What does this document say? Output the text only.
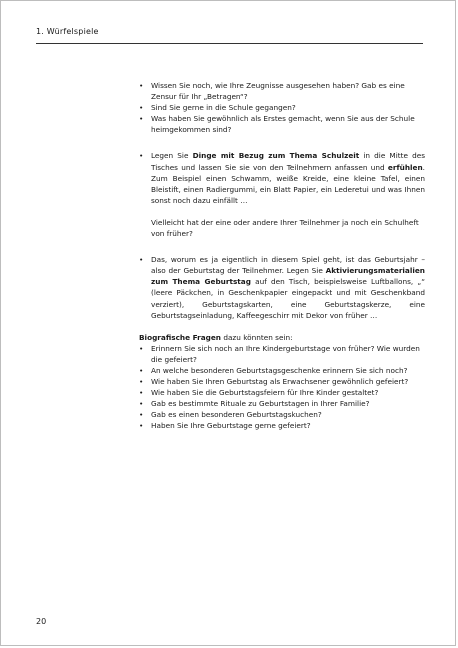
1. Würfelspiele
• Wissen Sie noch, wie Ihre Zeugnisse ausgesehen haben? Gab es eine Zensur für Ihr „Betragen“?
• Sind Sie gerne in die Schule gegangen?
• Was haben Sie gewöhnlich als Erstes gemacht, wenn Sie aus der Schule heimgekommen sind?
• Legen Sie Dinge mit Bezug zum Thema Schulzeit in die Mitte des Tisches und lassen Sie sie von den Teilnehmern anfassen und erfühlen. Zum Beispiel einen Schwamm, weiße Kreide, eine kleine Tafel, einen Bleistift, einen Radiergummi, ein Blatt Papier, ein Lederetui und was Ihnen sonst noch dazu einfällt …

Vielleicht hat der eine oder andere Ihrer Teilnehmer ja noch ein Schulheft von früher?

• Das, worum es ja eigentlich in diesem Spiel geht, ist das Geburtsjahr – also der Geburtstag der Teilnehmer. Legen Sie Aktivierungsmaterialien zum Thema Geburtstag auf den Tisch, beispielsweise Luftballons, „“ (leere Päckchen, in Geschenkpapier eingepackt und mit Geschenkband verziert), Geburtstagskarten, eine Geburtstagskerze, eine Geburtstagseinladung, Kaffeegeschirr mit Dekor von früher …

Biografische Fragen dazu könnten sein:

• Erinnern Sie sich noch an Ihre Kindergeburtstage von früher? Wie wurden die gefeiert?
• An welche besonderen Geburtstagsgeschenke erinnern Sie sich noch?
• Wie haben Sie Ihren Geburtstag als Erwachsener gewöhnlich gefeiert?
• Wie haben Sie die Geburtstagsfeiern für Ihre Kinder gestaltet?
• Gab es bestimmte Rituale zu Geburtstagen in Ihrer Familie?
• Gab es einen besonderen Geburtstagskuchen?
• Haben Sie Ihre Geburtstage gerne gefeiert?
20
